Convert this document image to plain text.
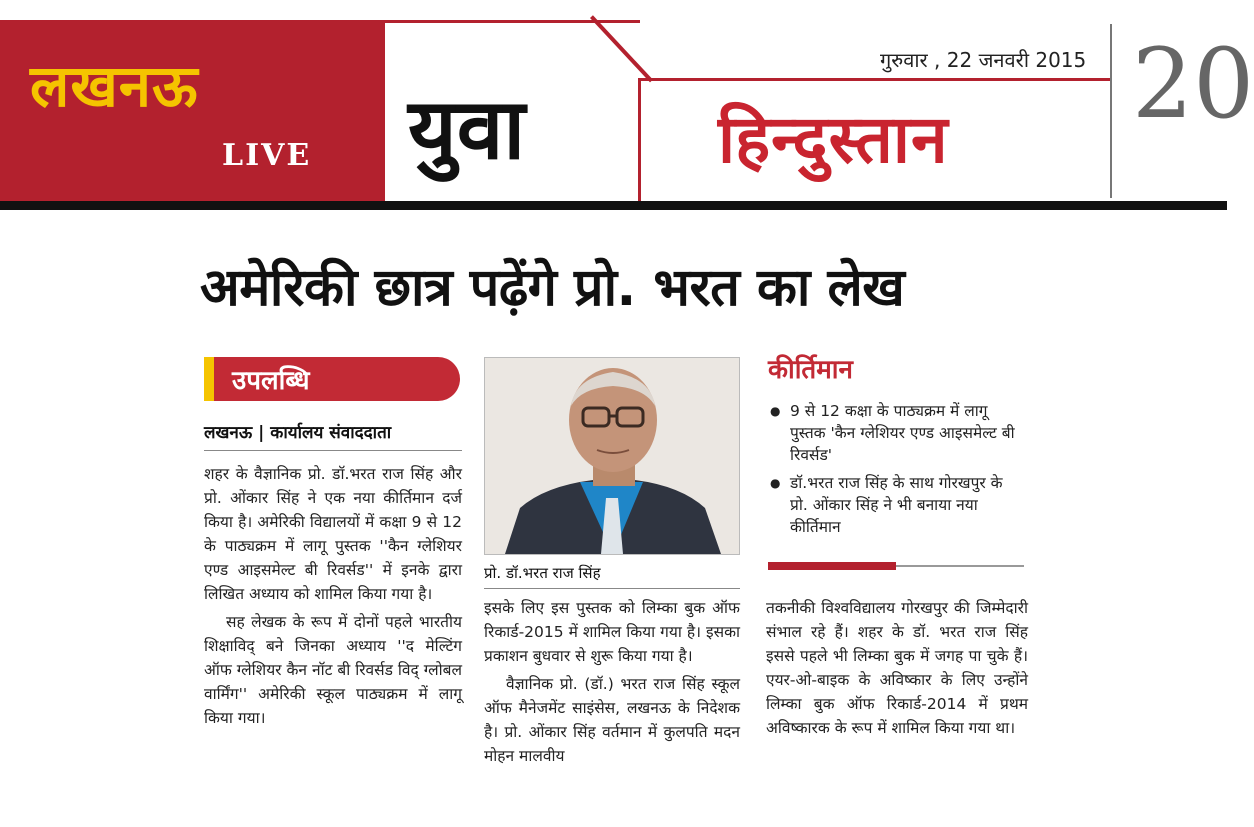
लखनऊ
LIVE युवा
गुरुवार , 22 जनवरी 2015
हिन्दुस्तान 20
अमेरिकी छात्र पढ़ेंगे प्रो. भरत का लेख
उपलब्धि
लखनऊ | कार्यालय संवाददाता

शहर के वैज्ञानिक प्रो. डॉ.भरत राज सिंह और प्रो. ओंकार सिंह ने एक नया कीर्तिमान दर्ज किया है। अमेरिकी विद्यालयों में कक्षा 9 से 12 के पाठ्यक्रम में लागू पुस्तक ''कैन ग्लेशियर एण्ड आइसमेल्ट बी रिवर्सड'' में इनके द्वारा लिखित अध्याय को शामिल किया गया है।

सह लेखक के रूप में दोनों पहले भारतीय शिक्षाविद् बने जिनका अध्याय ''द मेल्टिंग ऑफ ग्लेशियर कैन नॉट बी रिवर्सड विद् ग्लोबल वार्मिंग'' अमेरिकी स्कूल पाठ्यक्रम में लागू किया गया।

प्रो. डॉ.भरत राज सिंह

इसके लिए इस पुस्तक को लिम्का बुक ऑफ रिकार्ड-2015 में शामिल किया गया है। इसका प्रकाशन बुधवार से शुरू किया गया है।

वैज्ञानिक प्रो. (डॉ.) भरत राज सिंह स्कूल ऑफ मैनेजमेंट साइंसेस, लखनऊ के निदेशक है। प्रो. ओंकार सिंह वर्तमान में कुलपति मदन मोहन मालवीय

कीर्तिमान
● 9 से 12 कक्षा के पाठ्यक्रम में लागू पुस्तक 'कैन ग्लेशियर एण्ड आइसमेल्ट बी रिवर्सड'
● डॉ.भरत राज सिंह के साथ गोरखपुर के प्रो. ओंकार सिंह ने भी बनाया नया कीर्तिमान

तकनीकी विश्वविद्यालय गोरखपुर की जिम्मेदारी संभाल रहे हैं। शहर के डॉ. भरत राज सिंह इससे पहले भी लिम्का बुक में जगह पा चुके हैं। एयर-ओ-बाइक के अविष्कार के लिए उन्होंने लिम्का बुक ऑफ रिकार्ड-2014 में प्रथम अविष्कारक के रूप में शामिल किया गया था।
